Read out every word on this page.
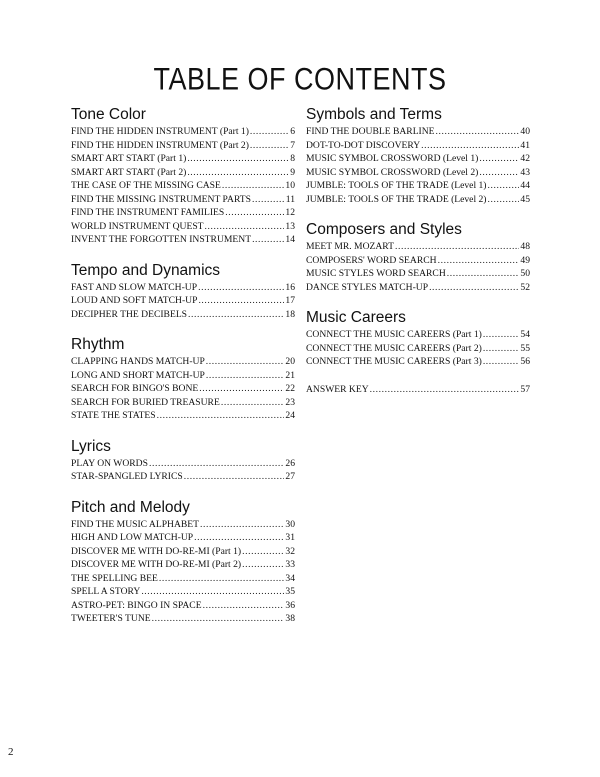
TABLE OF CONTENTS
Tone Color
FIND THE HIDDEN INSTRUMENT (Part 1) .....	6
FIND THE HIDDEN INSTRUMENT (Part 2) .....	7
SMART ART START (Part 1) .....	8
SMART ART START (Part 2) .....	9
THE CASE OF THE MISSING CASE .....	10
FIND THE MISSING INSTRUMENT PARTS .....	11
FIND THE INSTRUMENT FAMILIES .....	12
WORLD INSTRUMENT QUEST .....	13
INVENT THE FORGOTTEN INSTRUMENT .....	14
Tempo and Dynamics
FAST AND SLOW MATCH-UP .....	16
LOUD AND SOFT MATCH-UP .....	17
DECIPHER THE DECIBELS .....	18
Rhythm
CLAPPING HANDS MATCH-UP .....	20
LONG AND SHORT MATCH-UP .....	21
SEARCH FOR BINGO'S BONE .....	22
SEARCH FOR BURIED TREASURE .....	23
STATE THE STATES .....	24
Lyrics
PLAY ON WORDS .....	26
STAR-SPANGLED LYRICS .....	27
Pitch and Melody
FIND THE MUSIC ALPHABET .....	30
HIGH AND LOW MATCH-UP .....	31
DISCOVER ME WITH DO-RE-MI (Part 1) .....	32
DISCOVER ME WITH DO-RE-MI (Part 2) .....	33
THE SPELLING BEE .....	34
SPELL A STORY .....	35
ASTRO-PET: BINGO IN SPACE .....	36
TWEETER'S TUNE .....	38
Symbols and Terms
FIND THE DOUBLE BARLINE .....	40
DOT-TO-DOT DISCOVERY .....	41
MUSIC SYMBOL CROSSWORD (Level 1) .....	42
MUSIC SYMBOL CROSSWORD (Level 2) .....	43
JUMBLE: TOOLS OF THE TRADE (Level 1) .....	44
JUMBLE: TOOLS OF THE TRADE (Level 2) .....	45
Composers and Styles
MEET MR. MOZART .....	48
COMPOSERS' WORD SEARCH .....	49
MUSIC STYLES WORD SEARCH .....	50
DANCE STYLES MATCH-UP .....	52
Music Careers
CONNECT THE MUSIC CAREERS (Part 1) .....	54
CONNECT THE MUSIC CAREERS (Part 2) .....	55
CONNECT THE MUSIC CAREERS (Part 3) .....	56
ANSWER KEY .....	57
2
